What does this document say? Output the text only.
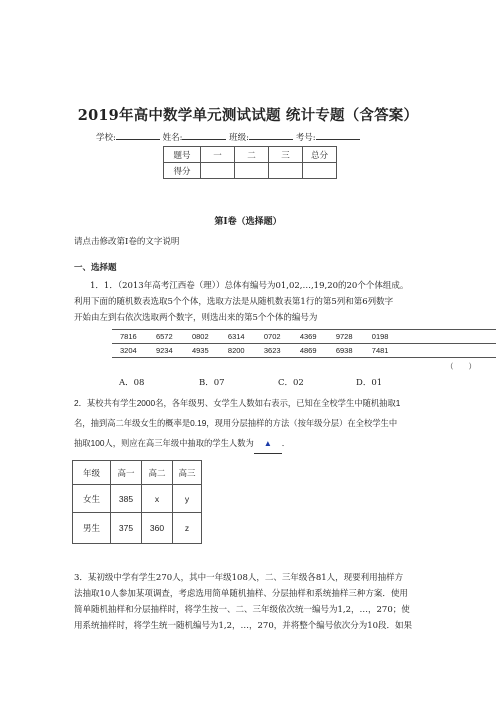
2019年高中数学单元测试试题 统计专题（含答案）
学校:	姓名:	班级:	考号:
题号	一	二	三	总分
得分				
第I卷（选择题）
请点击修改第I卷的文字说明
一、选择题
1．1．（2013年高考江西卷（理））总体有编号为01,02,…,19,20的20个个体组成。
利用下面的随机数表选取5个个体，选取方法是从随机数表第1行的第5列和第6列数字
开始由左到右依次选取两个数字，则选出来的第5个个体的编号为
7816	6572	0802	6314	0702	4369	9728	0198
3204	9234	4935	8200	3623	4869	6938	7481
（　　）
A．08	B．07	C．02	D．01
2．某校共有学生2000名，各年级男、女学生人数如右表示，已知在全校学生中随机抽取1
名，抽到高二年级女生的概率是0.19，现用分层抽样的方法（按年级分层）在全校学生中
抽取100人，则应在高三年级中抽取的学生人数为 ▲ ．
年级	高一	高二	高三
女生	385	x	y
男生	375	360	z
3．某初级中学有学生270人，其中一年级108人，二、三年级各81人，现要利用抽样方
法抽取10人参加某项调查，考虑选用简单随机抽样、分层抽样和系统抽样三种方案．使用
简单随机抽样和分层抽样时，将学生按一、二、三年级依次统一编号为1,2，…，270；使
用系统抽样时，将学生统一随机编号为1,2，…，270，并将整个编号依次分为10段．如果
